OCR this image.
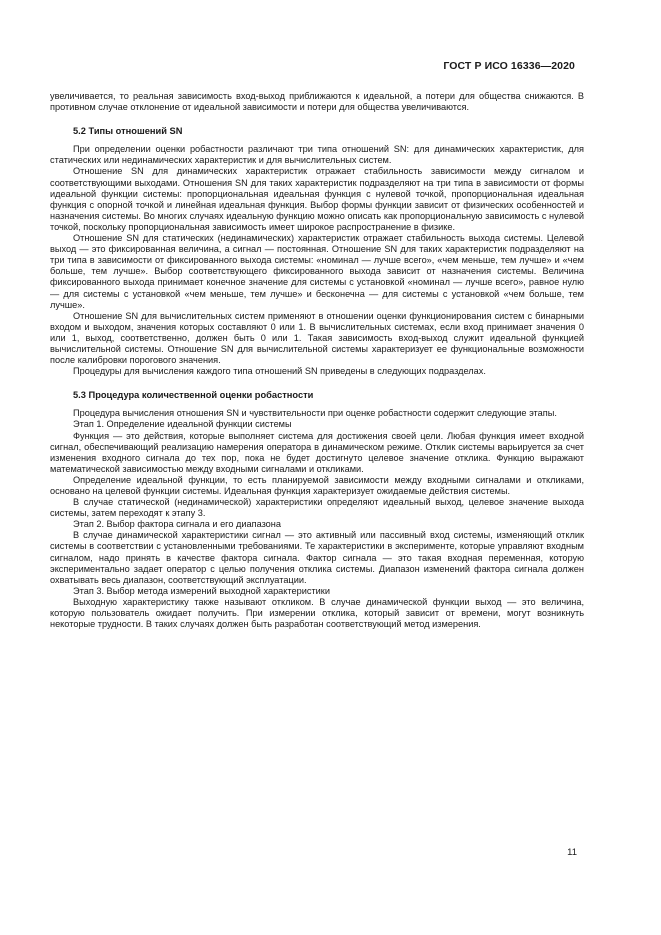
ГОСТ Р ИСО 16336—2020

увеличивается, то реальная зависимость вход-выход приближаются к идеальной, а потери для общества снижаются. В противном случае отклонение от идеальной зависимости и потери для общества увеличиваются.

5.2 Типы отношений SN

При определении оценки робастности различают три типа отношений SN: для динамических характеристик, для статических или нединамических характеристик и для вычислительных систем.

Отношение SN для динамических характеристик отражает стабильность зависимости между сигналом и соответствующими выходами. Отношения SN для таких характеристик подразделяют на три типа в зависимости от формы идеальной функции системы: пропорциональная идеальная функция с нулевой точкой, пропорциональная идеальная функция с опорной точкой и линейная идеальная функция. Выбор формы функции зависит от физических особенностей и назначения системы. Во многих случаях идеальную функцию можно описать как пропорциональную зависимость с нулевой точкой, поскольку пропорциональная зависимость имеет широкое распространение в физике.

Отношение SN для статических (нединамических) характеристик отражает стабильность выхода системы. Целевой выход — это фиксированная величина, а сигнал — постоянная. Отношение SN для таких характеристик подразделяют на три типа в зависимости от фиксированного выхода системы: «номинал — лучше всего», «чем меньше, тем лучше» и «чем больше, тем лучше». Выбор соответствующего фиксированного выхода зависит от назначения системы. Величина фиксированного выхода принимает конечное значение для системы с установкой «номинал — лучше всего», равное нулю — для системы с установкой «чем меньше, тем лучше» и бесконечна — для системы с установкой «чем больше, тем лучше».

Отношение SN для вычислительных систем применяют в отношении оценки функционирования систем с бинарными входом и выходом, значения которых составляют 0 или 1. В вычислительных системах, если вход принимает значения 0 или 1, выход, соответственно, должен быть 0 или 1. Такая зависимость вход-выход служит идеальной функцией вычислительной системы. Отношение SN для вычислительной системы характеризует ее функциональные возможности после калибровки порогового значения.

Процедуры для вычисления каждого типа отношений SN приведены в следующих подразделах.

5.3 Процедура количественной оценки робастности

Процедура вычисления отношения SN и чувствительности при оценке робастности содержит следующие этапы.

Этап 1. Определение идеальной функции системы

Функция — это действия, которые выполняет система для достижения своей цели. Любая функция имеет входной сигнал, обеспечивающий реализацию намерения оператора в динамическом режиме. Отклик системы варьируется за счет изменения входного сигнала до тех пор, пока не будет достигнуто целевое значение отклика. Функцию выражают математической зависимостью между входными сигналами и откликами.

Определение идеальной функции, то есть планируемой зависимости между входными сигналами и откликами, основано на целевой функции системы. Идеальная функция характеризует ожидаемые действия системы.

В случае статической (нединамической) характеристики определяют идеальный выход, целевое значение выхода системы, затем переходят к этапу 3.

Этап 2. Выбор фактора сигнала и его диапазона

В случае динамической характеристики сигнал — это активный или пассивный вход системы, изменяющий отклик системы в соответствии с установленными требованиями. Те характеристики в эксперименте, которые управляют входным сигналом, надо принять в качестве фактора сигнала. Фактор сигнала — это такая входная переменная, которую экспериментально задает оператор с целью получения отклика системы. Диапазон изменений фактора сигнала должен охватывать весь диапазон, соответствующий эксплуатации.

Этап 3. Выбор метода измерений выходной характеристики

Выходную характеристику также называют откликом. В случае динамической функции выход — это величина, которую пользователь ожидает получить. При измерении отклика, который зависит от времени, могут возникнуть некоторые трудности. В таких случаях должен быть разработан соответствующий метод измерения.

11
